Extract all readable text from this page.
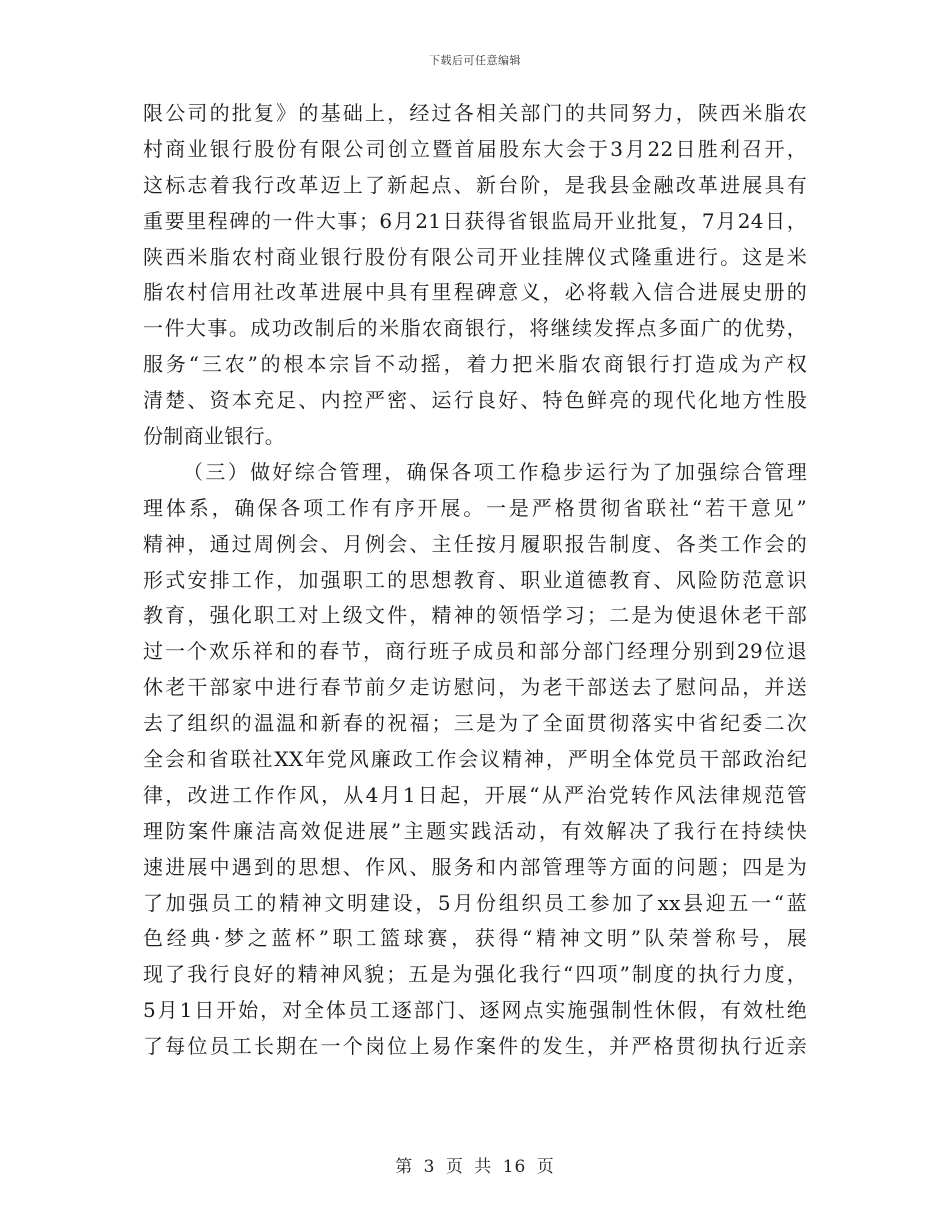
下载后可任意编辑
限公司的批复》的基础上，经过各相关部门的共同努力，陕西米脂农
村商业银行股份有限公司创立暨首届股东大会于3月22日胜利召开，
这标志着我行改革迈上了新起点、新台阶，是我县金融改革进展具有
重要里程碑的一件大事；6月21日获得省银监局开业批复，7月24日，
陕西米脂农村商业银行股份有限公司开业挂牌仪式隆重进行。这是米
脂农村信用社改革进展中具有里程碑意义，必将载入信合进展史册的
一件大事。成功改制后的米脂农商银行，将继续发挥点多面广的优势，
服务“三农”的根本宗旨不动摇，着力把米脂农商银行打造成为产权
清楚、资本充足、内控严密、运行良好、特色鲜亮的现代化地方性股
份制商业银行。
（三）做好综合管理，确保各项工作稳步运行为了加强综合管理
理体系，确保各项工作有序开展。一是严格贯彻省联社“若干意见”
精神，通过周例会、月例会、主任按月履职报告制度、各类工作会的
形式安排工作，加强职工的思想教育、职业道德教育、风险防范意识
教育，强化职工对上级文件，精神的领悟学习；二是为使退休老干部
过一个欢乐祥和的春节，商行班子成员和部分部门经理分别到29位退
休老干部家中进行春节前夕走访慰问，为老干部送去了慰问品，并送
去了组织的温温和新春的祝福；三是为了全面贯彻落实中省纪委二次
全会和省联社XX年党风廉政工作会议精神，严明全体党员干部政治纪
律，改进工作作风，从4月1日起，开展“从严治党转作风法律规范管
理防案件廉洁高效促进展”主题实践活动，有效解决了我行在持续快
速进展中遇到的思想、作风、服务和内部管理等方面的问题；四是为
了加强员工的精神文明建设，5月份组织员工参加了xx县迎五一“蓝
色经典·梦之蓝杯”职工篮球赛，获得“精神文明”队荣誉称号，展
现了我行良好的精神风貌；五是为强化我行“四项”制度的执行力度，
5月1日开始，对全体员工逐部门、逐网点实施强制性休假，有效杜绝
了每位员工长期在一个岗位上易作案件的发生，并严格贯彻执行近亲
第 3 页 共 16 页
